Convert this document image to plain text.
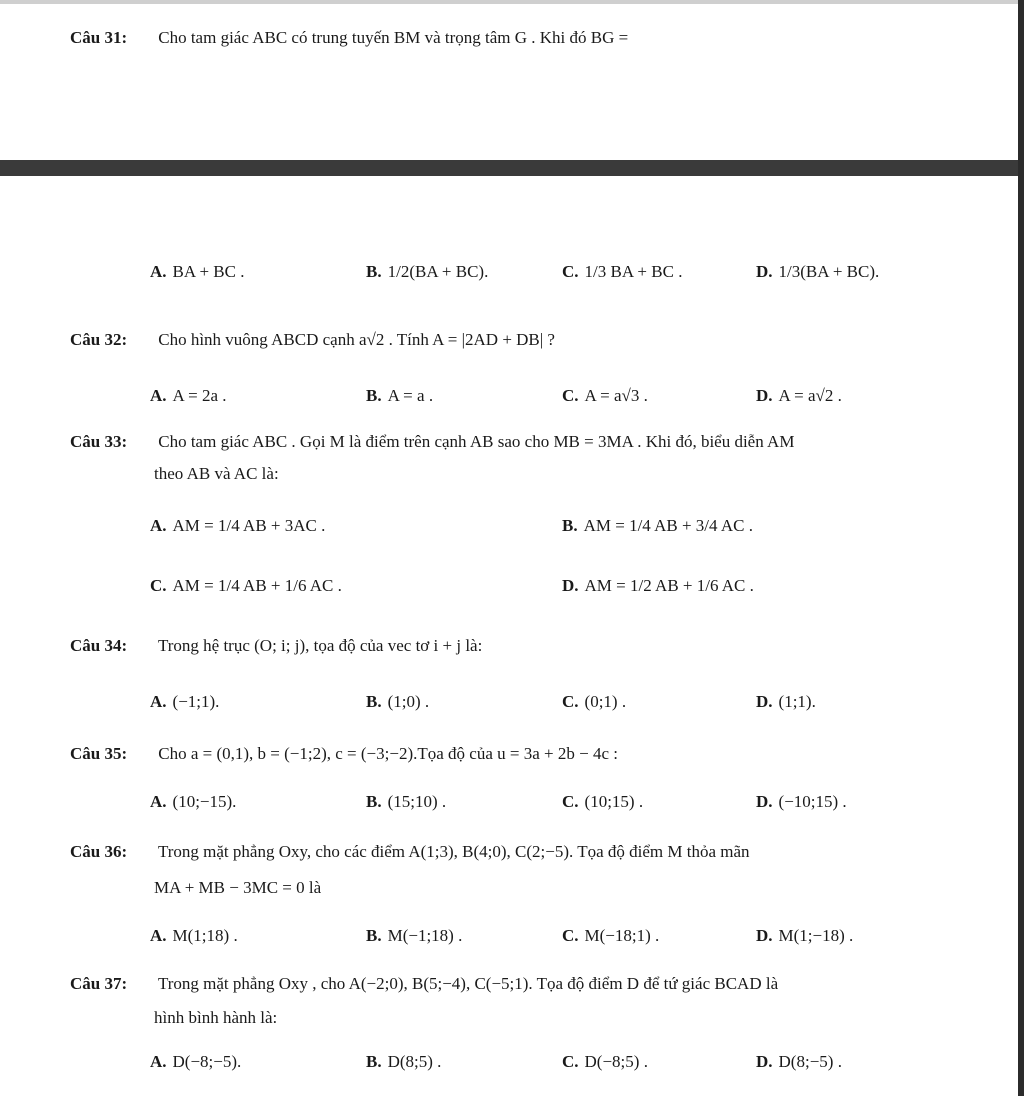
Câu 31: Cho tam giác ABC có trung tuyến BM và trọng tâm G . Khi đó BG =
A. BA + BC .	B. 1/2(BA + BC).	C. 1/3 BA + BC .	D. 1/3(BA + BC).
Câu 32: Cho hình vuông ABCD cạnh a√2 . Tính A = |2AD + DB| ?
A. A = 2a .	B. A = a .	C. A = a√3 .	D. A = a√2 .
Câu 33: Cho tam giác ABC . Gọi M là điểm trên cạnh AB sao cho MB = 3MA . Khi đó, biểu diễn AM
theo AB và AC là:
A. AM = 1/4 AB + 3AC .	B. AM = 1/4 AB + 3/4 AC .
C. AM = 1/4 AB + 1/6 AC .	D. AM = 1/2 AB + 1/6 AC .
Câu 34: Trong hệ trục (O; i; j), tọa độ của vec tơ i + j là:
A. (−1;1).	B. (1;0) .	C. (0;1) .	D. (1;1).
Câu 35: Cho a = (0,1), b = (−1;2), c = (−3;−2).Tọa độ của u = 3a + 2b − 4c :
A. (10;−15).	B. (15;10) .	C. (10;15) .	D. (−10;15) .
Câu 36: Trong mặt phẳng Oxy, cho các điểm A(1;3), B(4;0), C(2;−5). Tọa độ điểm M thỏa mãn
MA + MB − 3MC = 0 là
A. M(1;18) .	B. M(−1;18) .	C. M(−18;1) .	D. M(1;−18) .
Câu 37: Trong mặt phẳng Oxy , cho A(−2;0), B(5;−4), C(−5;1). Tọa độ điểm D để tứ giác BCAD là
hình bình hành là:
A. D(−8;−5).	B. D(8;5) .	C. D(−8;5) .	D. D(8;−5) .
